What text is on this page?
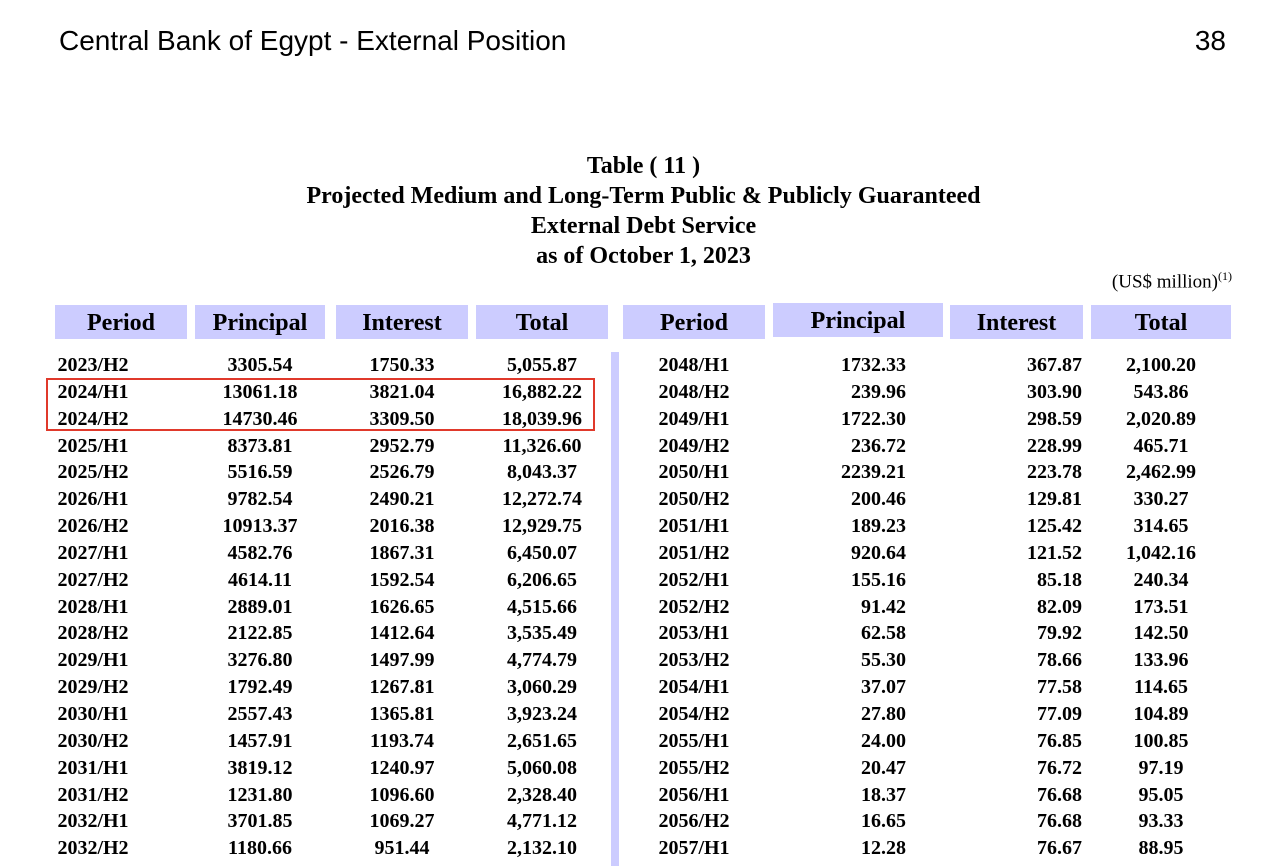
Central Bank of Egypt - External Position	38
Table ( 11 )
Projected Medium and Long-Term Public & Publicly Guaranteed
External Debt Service
as of October 1, 2023
(US$ million)$^{(1)}$
Period	Principal	Interest	Total	Period	Principal	Interest	Total
2023/H2	3305.54	1750.33	5,055.87	2048/H1	1732.33	367.87	2,100.20
2024/H1	13061.18	3821.04	16,882.22	2048/H2	239.96	303.90	543.86
2024/H2	14730.46	3309.50	18,039.96	2049/H1	1722.30	298.59	2,020.89
2025/H1	8373.81	2952.79	11,326.60	2049/H2	236.72	228.99	465.71
2025/H2	5516.59	2526.79	8,043.37	2050/H1	2239.21	223.78	2,462.99
2026/H1	9782.54	2490.21	12,272.74	2050/H2	200.46	129.81	330.27
2026/H2	10913.37	2016.38	12,929.75	2051/H1	189.23	125.42	314.65
2027/H1	4582.76	1867.31	6,450.07	2051/H2	920.64	121.52	1,042.16
2027/H2	4614.11	1592.54	6,206.65	2052/H1	155.16	85.18	240.34
2028/H1	2889.01	1626.65	4,515.66	2052/H2	91.42	82.09	173.51
2028/H2	2122.85	1412.64	3,535.49	2053/H1	62.58	79.92	142.50
2029/H1	3276.80	1497.99	4,774.79	2053/H2	55.30	78.66	133.96
2029/H2	1792.49	1267.81	3,060.29	2054/H1	37.07	77.58	114.65
2030/H1	2557.43	1365.81	3,923.24	2054/H2	27.80	77.09	104.89
2030/H2	1457.91	1193.74	2,651.65	2055/H1	24.00	76.85	100.85
2031/H1	3819.12	1240.97	5,060.08	2055/H2	20.47	76.72	97.19
2031/H2	1231.80	1096.60	2,328.40	2056/H1	18.37	76.68	95.05
2032/H1	3701.85	1069.27	4,771.12	2056/H2	16.65	76.68	93.33
2032/H2	1180.66	951.44	2,132.10	2057/H1	12.28	76.67	88.95
